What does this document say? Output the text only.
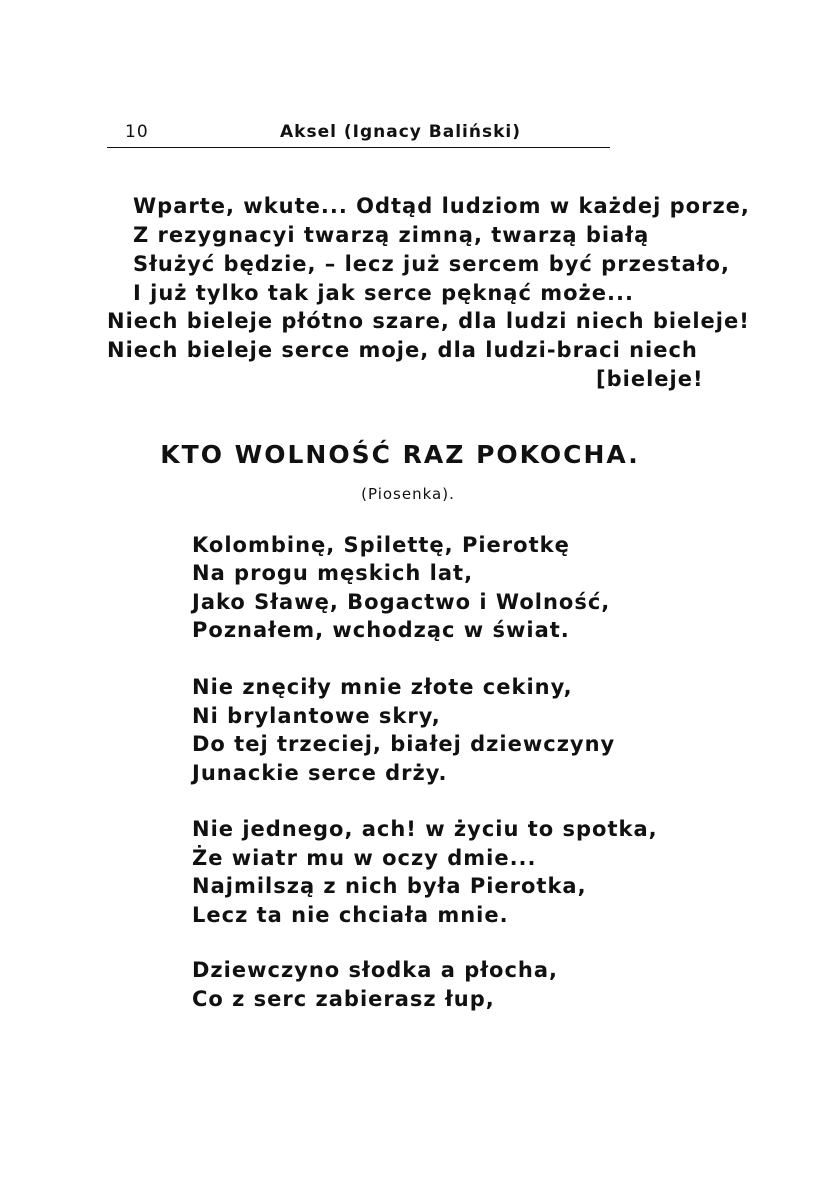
10	Aksel (Ignacy Baliński)
Wparte, wkute... Odtąd ludziom w każdej porze,
Z rezygnacyi twarzą zimną, twarzą białą
Służyć będzie, – lecz już sercem być przestało,
I już tylko tak jak serce pęknąć może...
Niech bieleje płótno szare, dla ludzi niech bieleje!
Niech bieleje serce moje, dla ludzi-braci niech
[bieleje!
KTO WOLNOŚĆ RAZ POKOCHA.
(Piosenka).
Kolombinę, Spilettę, Pierotkę
Na progu męskich lat,
Jako Sławę, Bogactwo i Wolność,
Poznałem, wchodząc w świat.
Nie znęciły mnie złote cekiny,
Ni brylantowe skry,
Do tej trzeciej, białej dziewczyny
Junackie serce drży.
Nie jednego, ach! w życiu to spotka,
Że wiatr mu w oczy dmie...
Najmilszą z nich była Pierotka,
Lecz ta nie chciała mnie.
Dziewczyno słodka a płocha,
Co z serc zabierasz łup,
